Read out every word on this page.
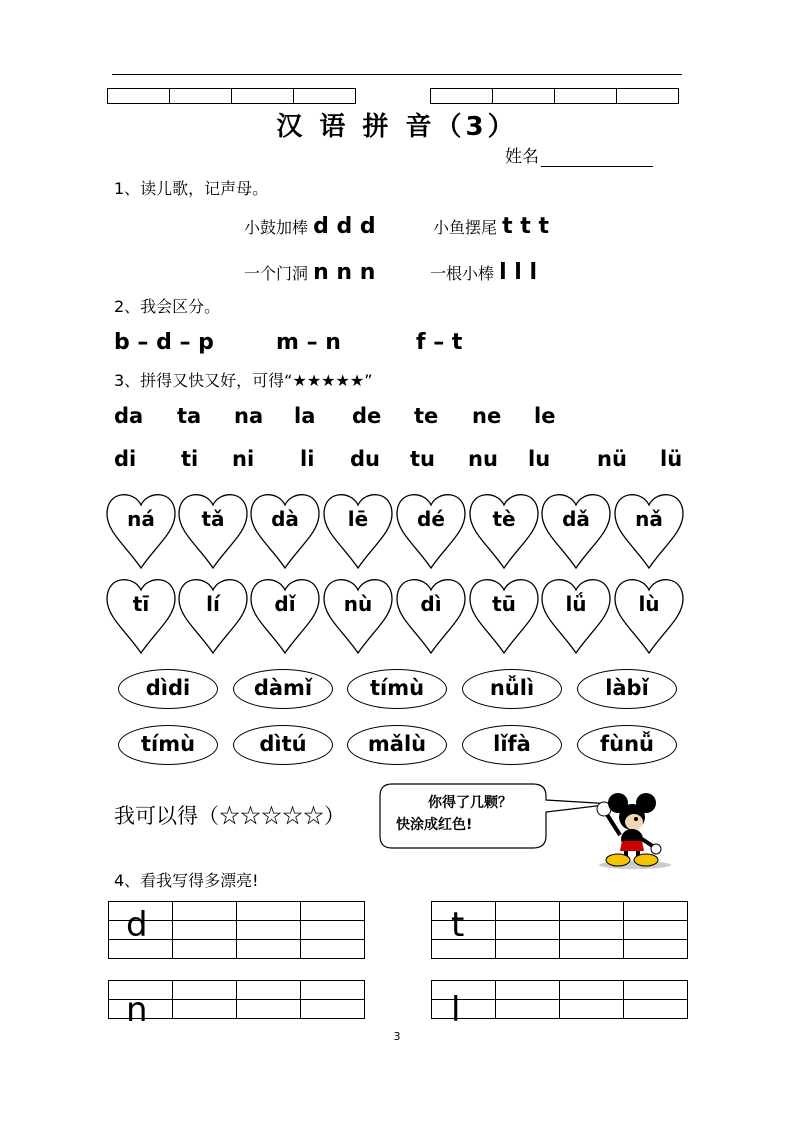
汉 语 拼 音（3）
姓名
1、读儿歌，记声母。
小鼓加棒 d d d	小鱼摆尾 t t t
一个门洞 n n n	一根小棒 l l l
2、我会区分。
b – d – p	m – n	f – t
3、拼得又快又好，可得“★★★★★”
da ta na la de te ne le
di ti ni li du tu nu lu nü lü
ná	tǎ	dà	lē	dé	tè	dǎ	nǎ
tī	lí	dǐ	nù	dì	tū	lǘ	lù
dìdi	dàmǐ	tímù	nǚlì	làbǐ
tímù	dìtú	mǎlù	lǐfà	fùnǚ
我可以得（☆☆☆☆☆）
你得了几颗？
快涂成红色!
4、看我写得多漂亮!
d	t
n	l
3
